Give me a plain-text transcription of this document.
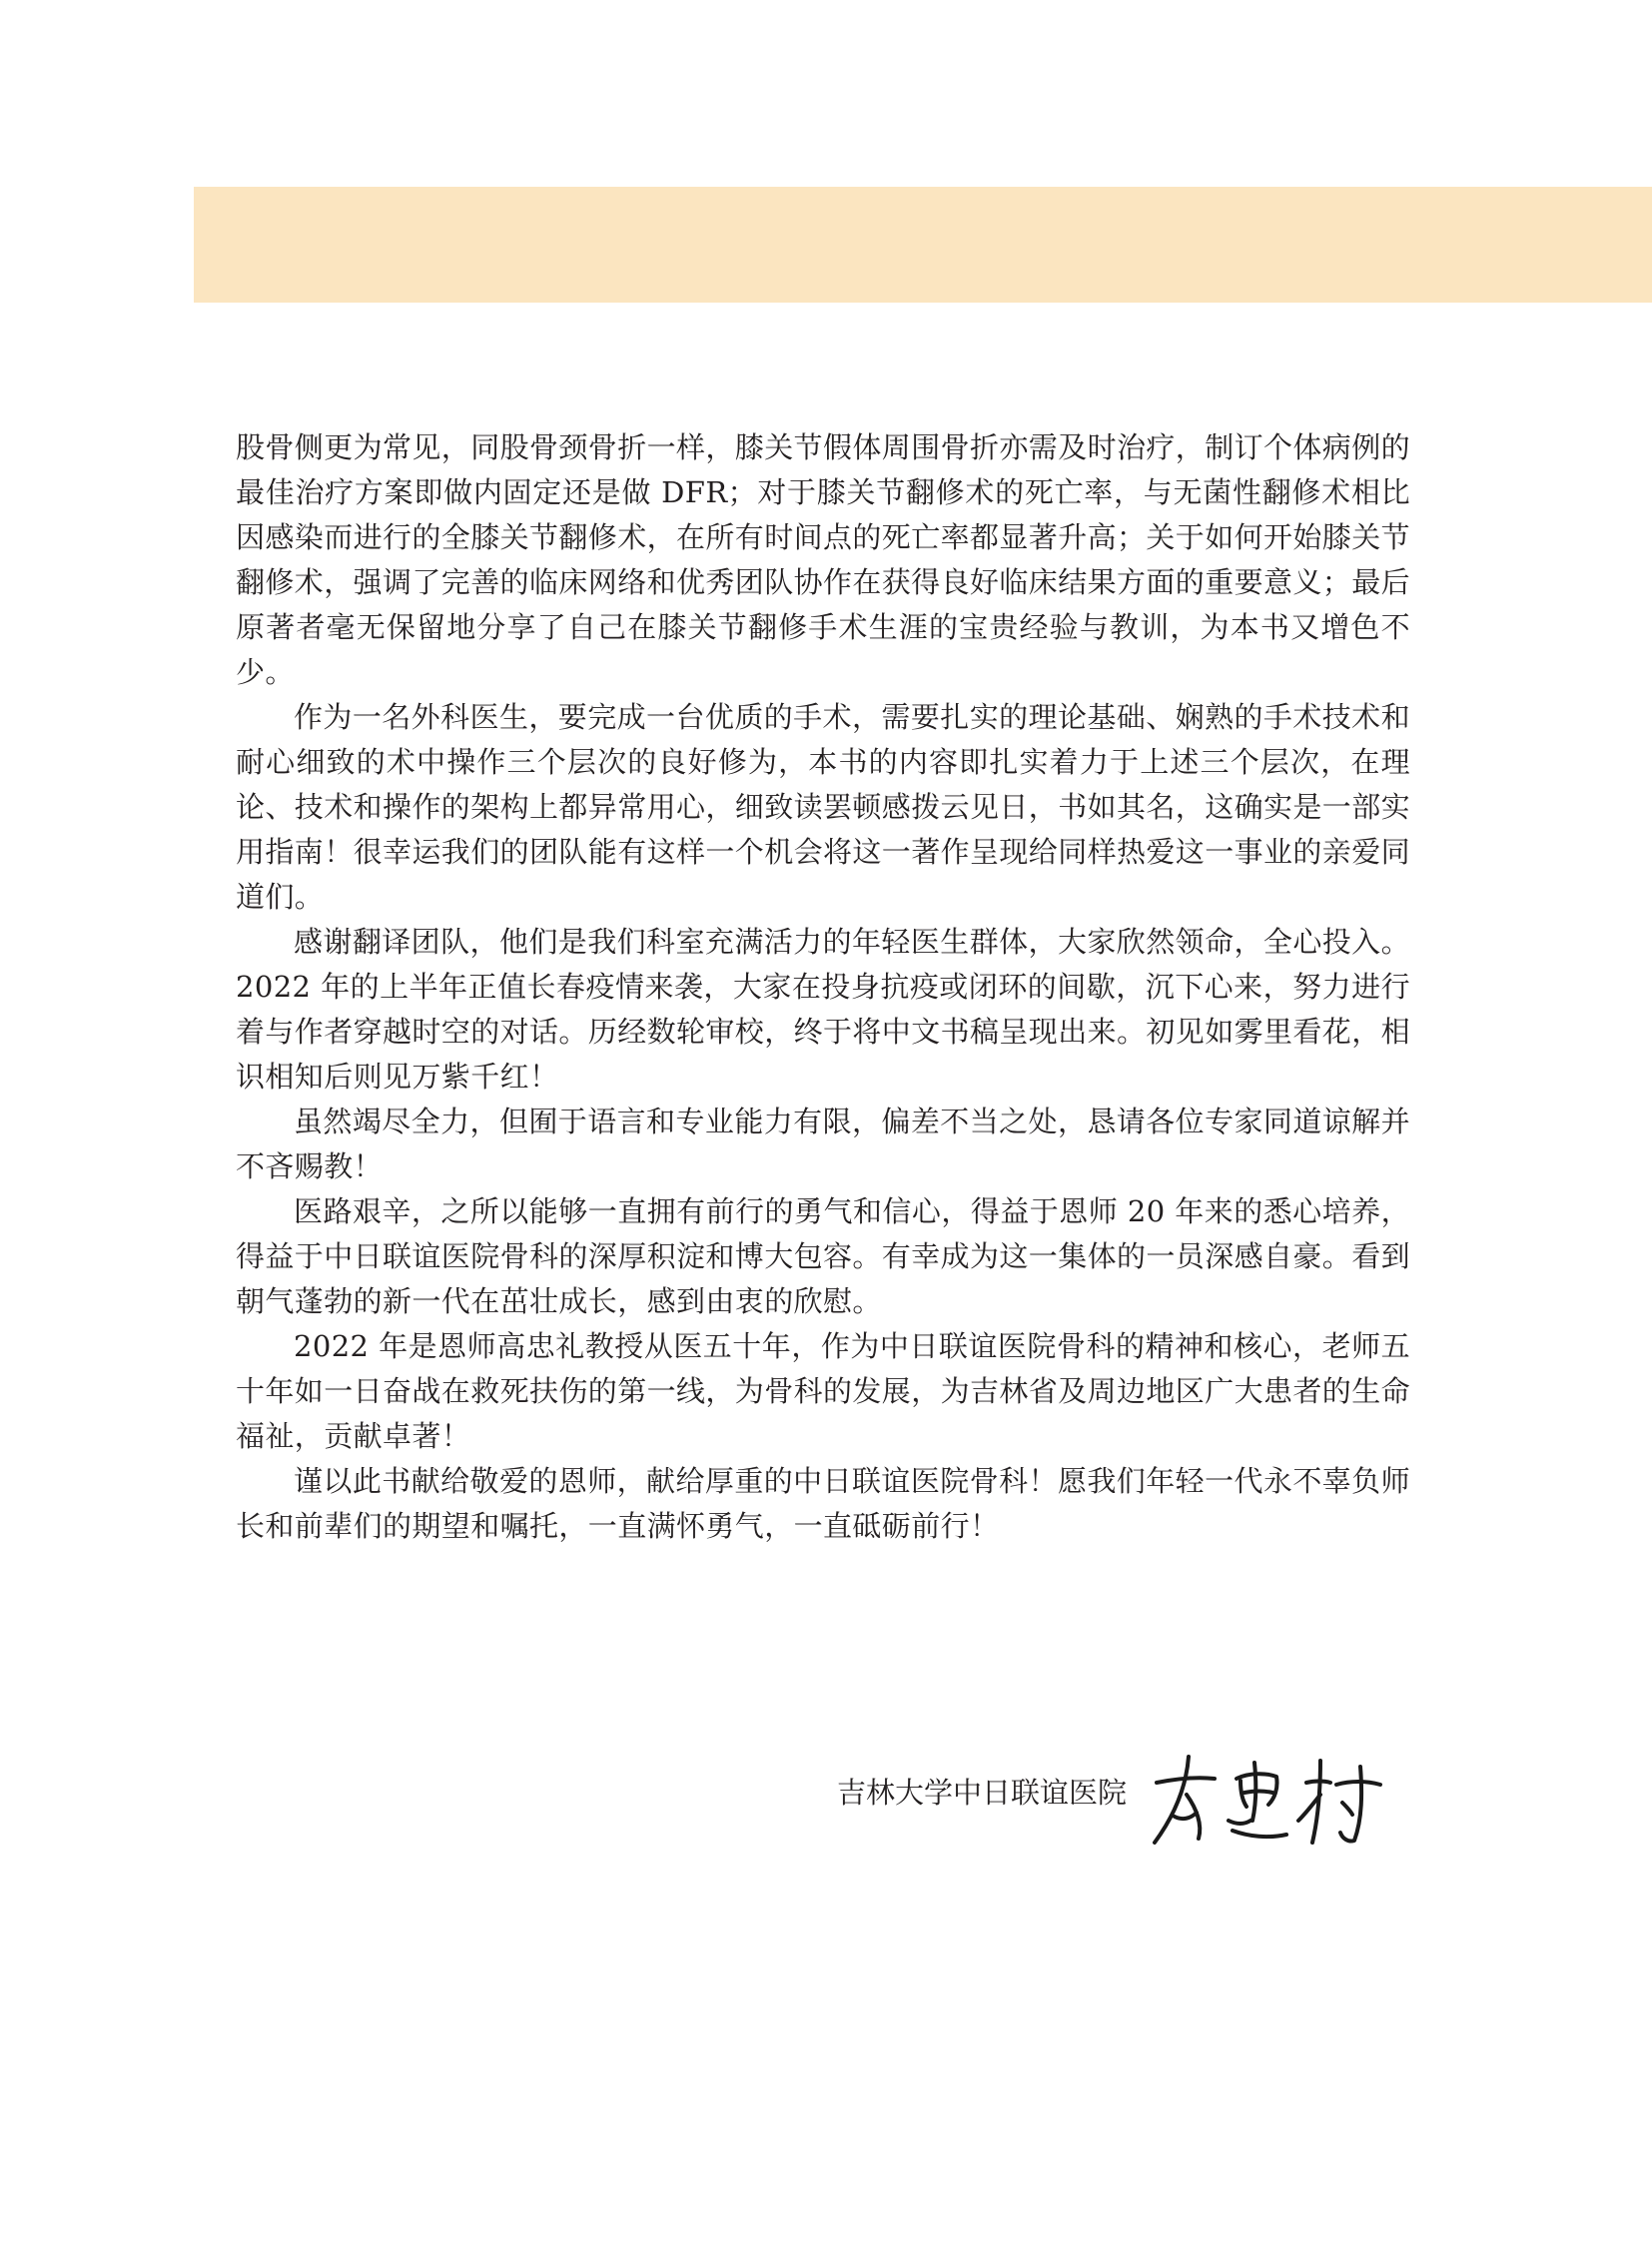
股骨侧更为常见，同股骨颈骨折一样，膝关节假体周围骨折亦需及时治疗，制订个体病例的最佳治疗方案即做内固定还是做 DFR；对于膝关节翻修术的死亡率，与无菌性翻修术相比因感染而进行的全膝关节翻修术，在所有时间点的死亡率都显著升高；关于如何开始膝关节翻修术，强调了完善的临床网络和优秀团队协作在获得良好临床结果方面的重要意义；最后原著者毫无保留地分享了自己在膝关节翻修手术生涯的宝贵经验与教训，为本书又增色不少。

作为一名外科医生，要完成一台优质的手术，需要扎实的理论基础、娴熟的手术技术和耐心细致的术中操作三个层次的良好修为，本书的内容即扎实着力于上述三个层次，在理论、技术和操作的架构上都异常用心，细致读罢顿感拨云见日，书如其名，这确实是一部实用指南！很幸运我们的团队能有这样一个机会将这一著作呈现给同样热爱这一事业的亲爱同道们。

感谢翻译团队，他们是我们科室充满活力的年轻医生群体，大家欣然领命，全心投入。2022 年的上半年正值长春疫情来袭，大家在投身抗疫或闭环的间歇，沉下心来，努力进行着与作者穿越时空的对话。历经数轮审校，终于将中文书稿呈现出来。初见如雾里看花，相识相知后则见万紫千红！

虽然竭尽全力，但囿于语言和专业能力有限，偏差不当之处，恳请各位专家同道谅解并不吝赐教！

医路艰辛，之所以能够一直拥有前行的勇气和信心，得益于恩师 20 年来的悉心培养，得益于中日联谊医院骨科的深厚积淀和博大包容。有幸成为这一集体的一员深感自豪。看到朝气蓬勃的新一代在茁壮成长，感到由衷的欣慰。

2022 年是恩师高忠礼教授从医五十年，作为中日联谊医院骨科的精神和核心，老师五十年如一日奋战在救死扶伤的第一线，为骨科的发展，为吉林省及周边地区广大患者的生命福祉，贡献卓著！

谨以此书献给敬爱的恩师，献给厚重的中日联谊医院骨科！愿我们年轻一代永不辜负师长和前辈们的期望和嘱托，一直满怀勇气，一直砥砺前行！

吉林大学中日联谊医院
